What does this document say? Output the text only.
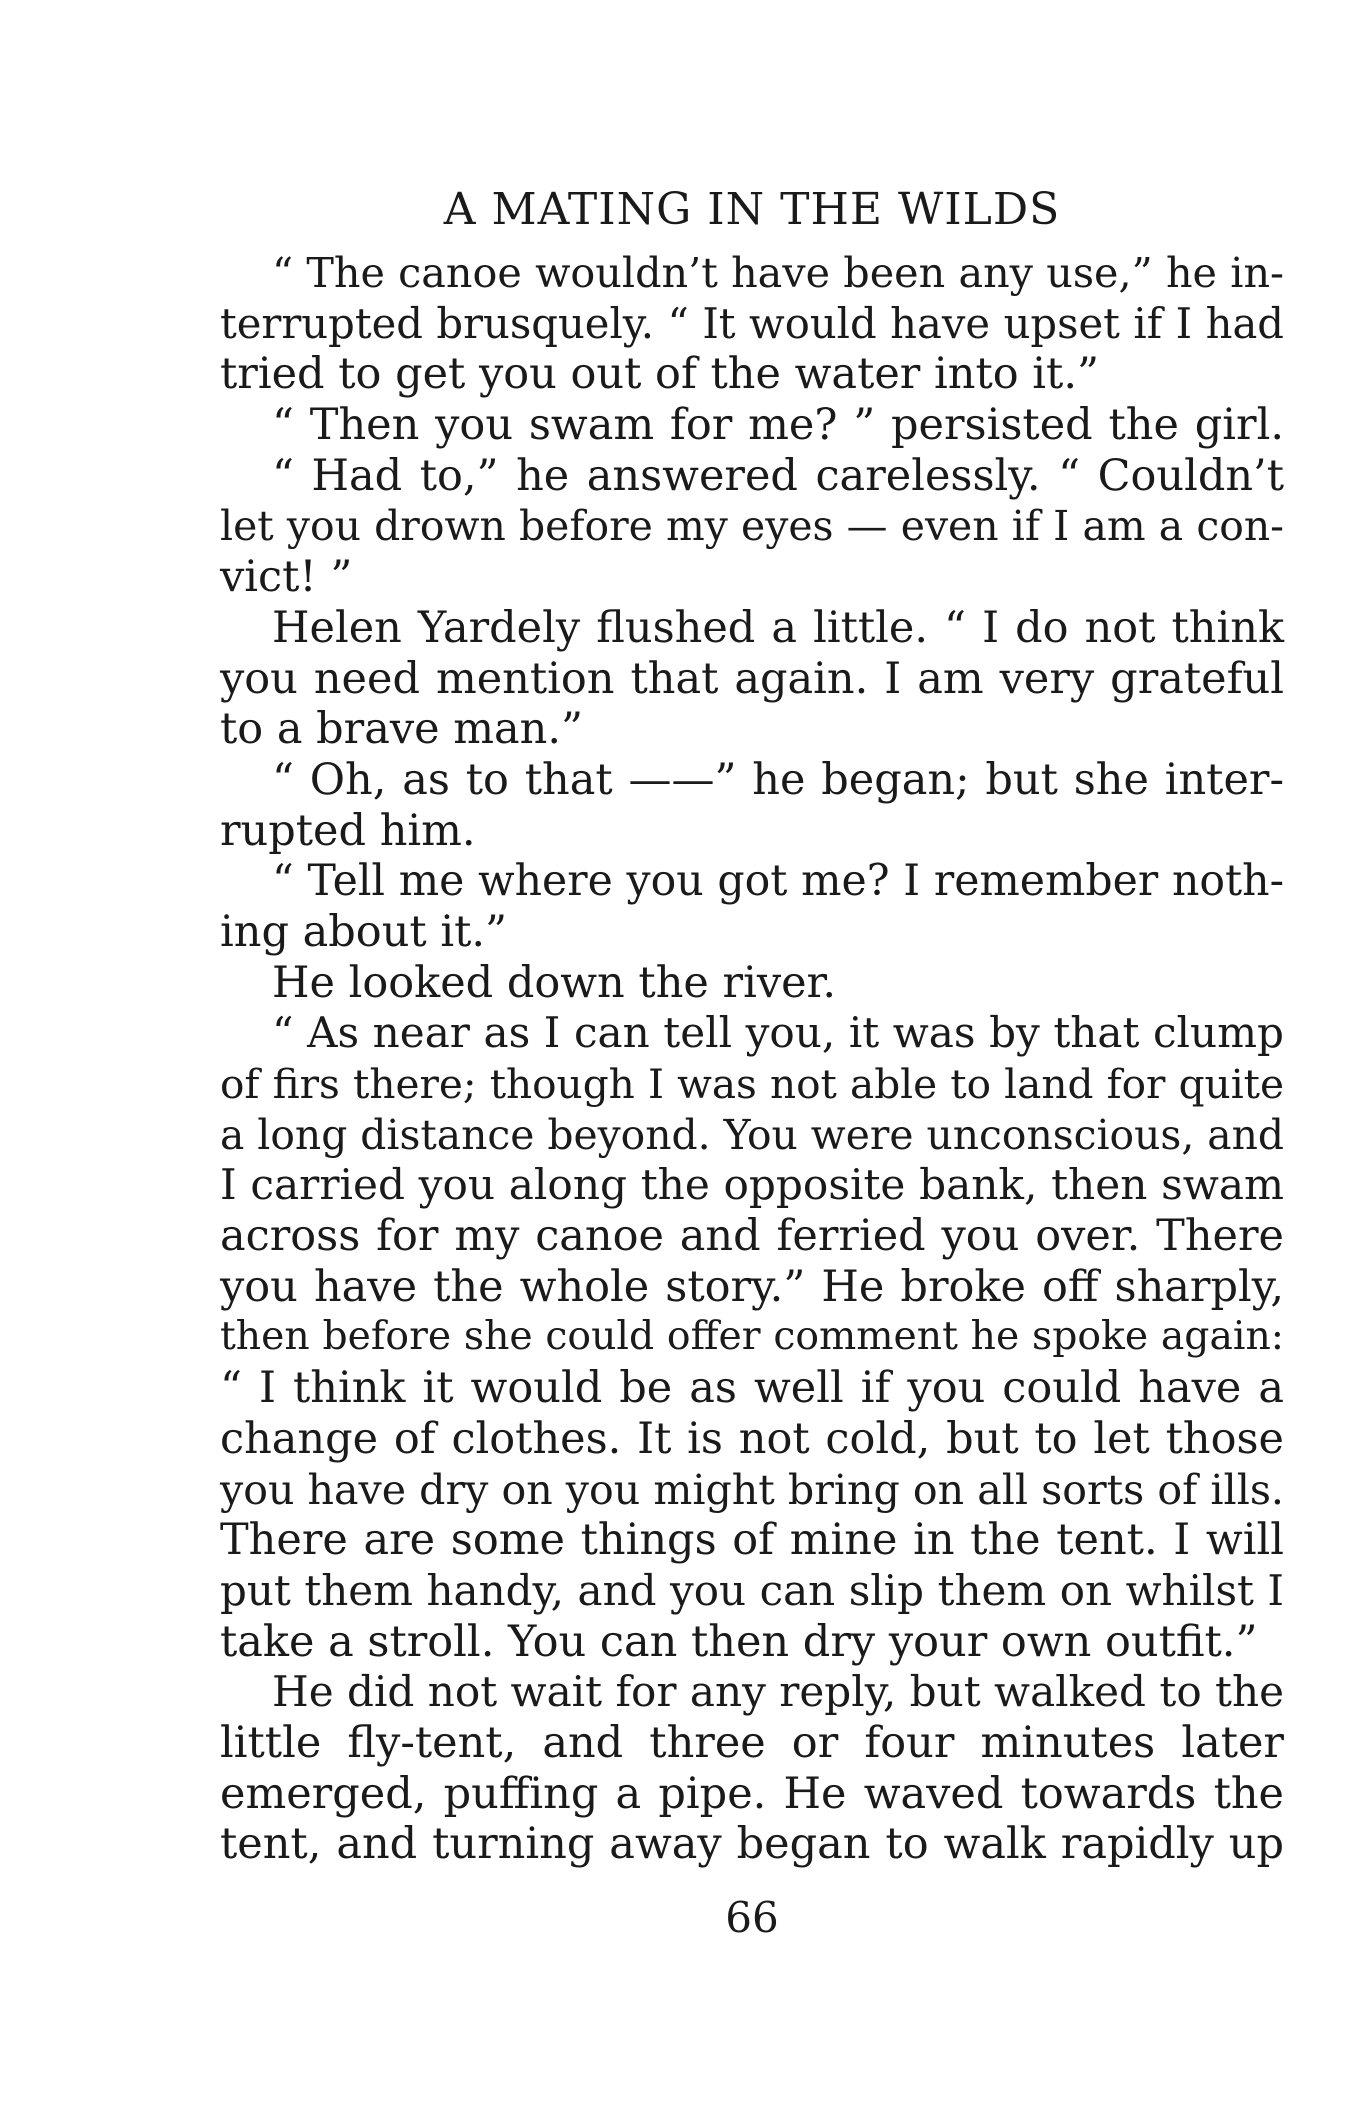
A MATING IN THE WILDS
“ The canoe wouldn’t have been any use,” he in-
terrupted brusquely. “ It would have upset if I had
tried to get you out of the water into it.”
“ Then you swam for me? ” persisted the girl.
“ Had to,” he answered carelessly. “ Couldn’t
let you drown before my eyes — even if I am a con-
vict! ”
Helen Yardely flushed a little. “ I do not think
you need mention that again. I am very grateful
to a brave man.”
“ Oh, as to that ——” he began; but she inter-
rupted him.
“ Tell me where you got me? I remember noth-
ing about it.”
He looked down the river.
“ As near as I can tell you, it was by that clump
of firs there; though I was not able to land for quite
a long distance beyond. You were unconscious, and
I carried you along the opposite bank, then swam
across for my canoe and ferried you over. There
you have the whole story.” He broke off sharply,
then before she could offer comment he spoke again:
“ I think it would be as well if you could have a
change of clothes. It is not cold, but to let those
you have dry on you might bring on all sorts of ills.
There are some things of mine in the tent. I will
put them handy, and you can slip them on whilst I
take a stroll. You can then dry your own outfit.”
He did not wait for any reply, but walked to the
little fly-tent, and three or four minutes later
emerged, puffing a pipe. He waved towards the
tent, and turning away began to walk rapidly up
66
